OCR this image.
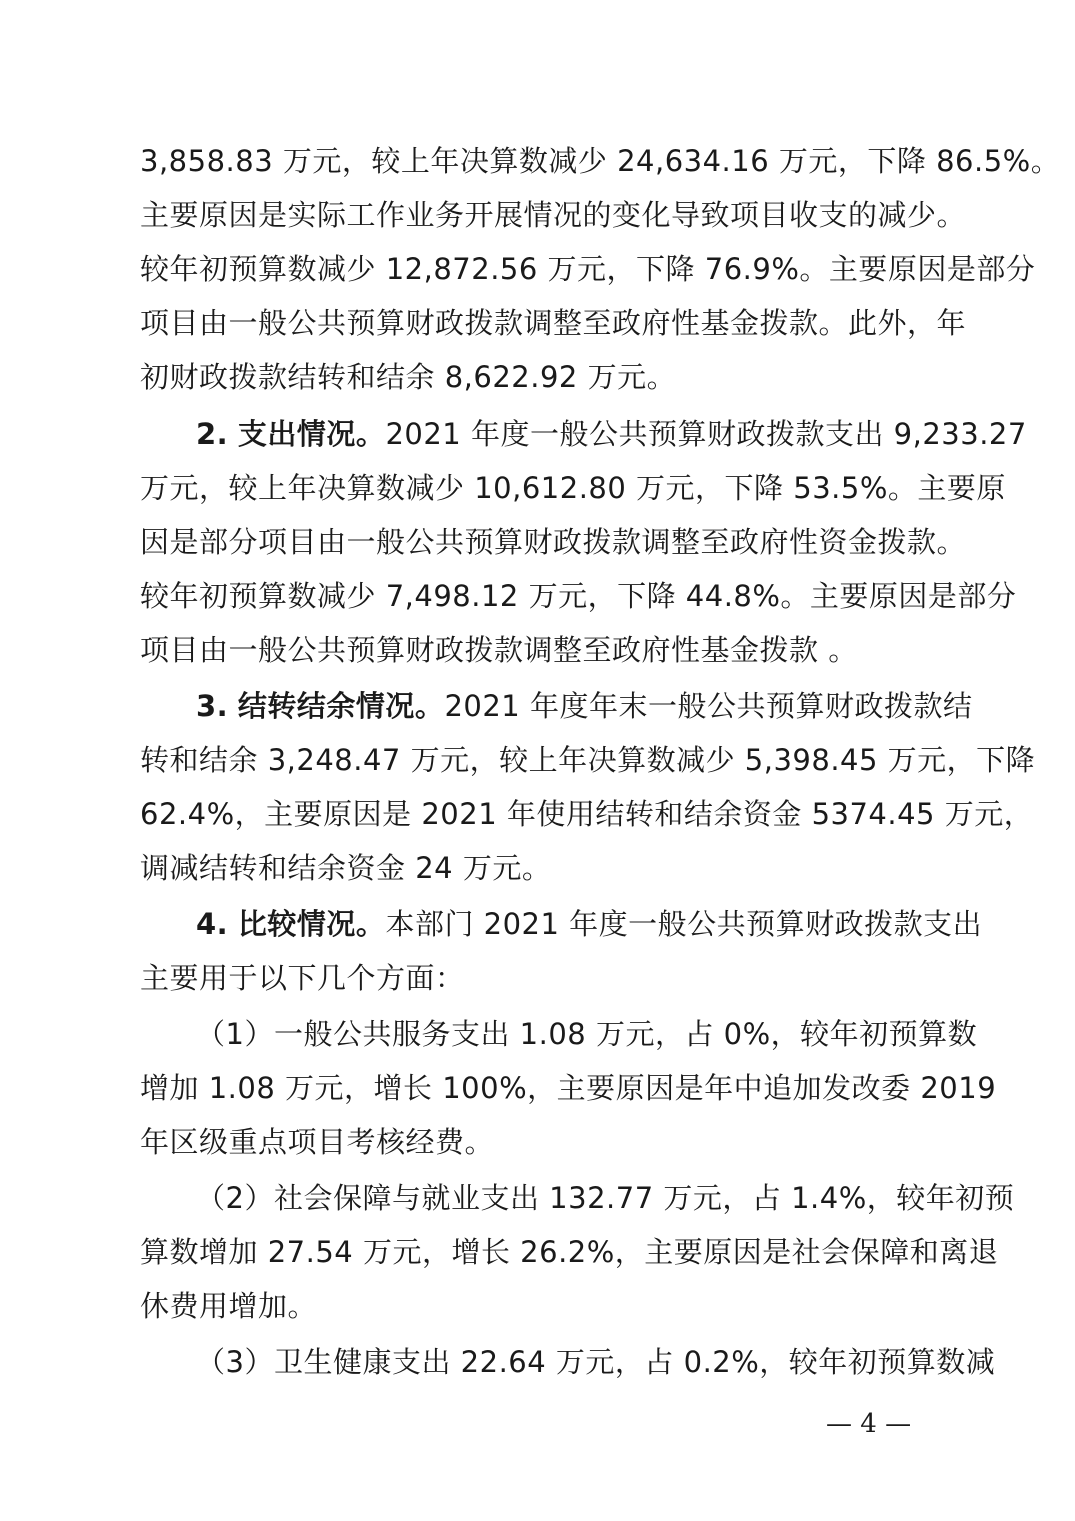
3,858.83 万元，较上年决算数减少 24,634.16 万元，下降 86.5%。
主要原因是实际工作业务开展情况的变化导致项目收支的减少。
较年初预算数减少 12,872.56 万元，下降 76.9%。主要原因是部分
项目由一般公共预算财政拨款调整至政府性基金拨款。此外，年
初财政拨款结转和结余 8,622.92 万元。
2. 支出情况。2021 年度一般公共预算财政拨款支出 9,233.27
万元，较上年决算数减少 10,612.80 万元，下降 53.5%。主要原
因是部分项目由一般公共预算财政拨款调整至政府性资金拨款。
较年初预算数减少 7,498.12 万元，下降 44.8%。主要原因是部分
项目由一般公共预算财政拨款调整至政府性基金拨款 。
3. 结转结余情况。2021 年度年末一般公共预算财政拨款结
转和结余 3,248.47 万元，较上年决算数减少 5,398.45 万元，下降
62.4%，主要原因是 2021 年使用结转和结余资金 5374.45 万元，
调减结转和结余资金 24 万元。
4. 比较情况。本部门 2021 年度一般公共预算财政拨款支出
主要用于以下几个方面：
（1）一般公共服务支出 1.08 万元，占 0%，较年初预算数
增加 1.08 万元，增长 100%，主要原因是年中追加发改委 2019
年区级重点项目考核经费。
（2）社会保障与就业支出 132.77 万元，占 1.4%，较年初预
算数增加 27.54 万元，增长 26.2%，主要原因是社会保障和离退
休费用增加。
（3）卫生健康支出 22.64 万元，占 0.2%，较年初预算数减
— 4 —
